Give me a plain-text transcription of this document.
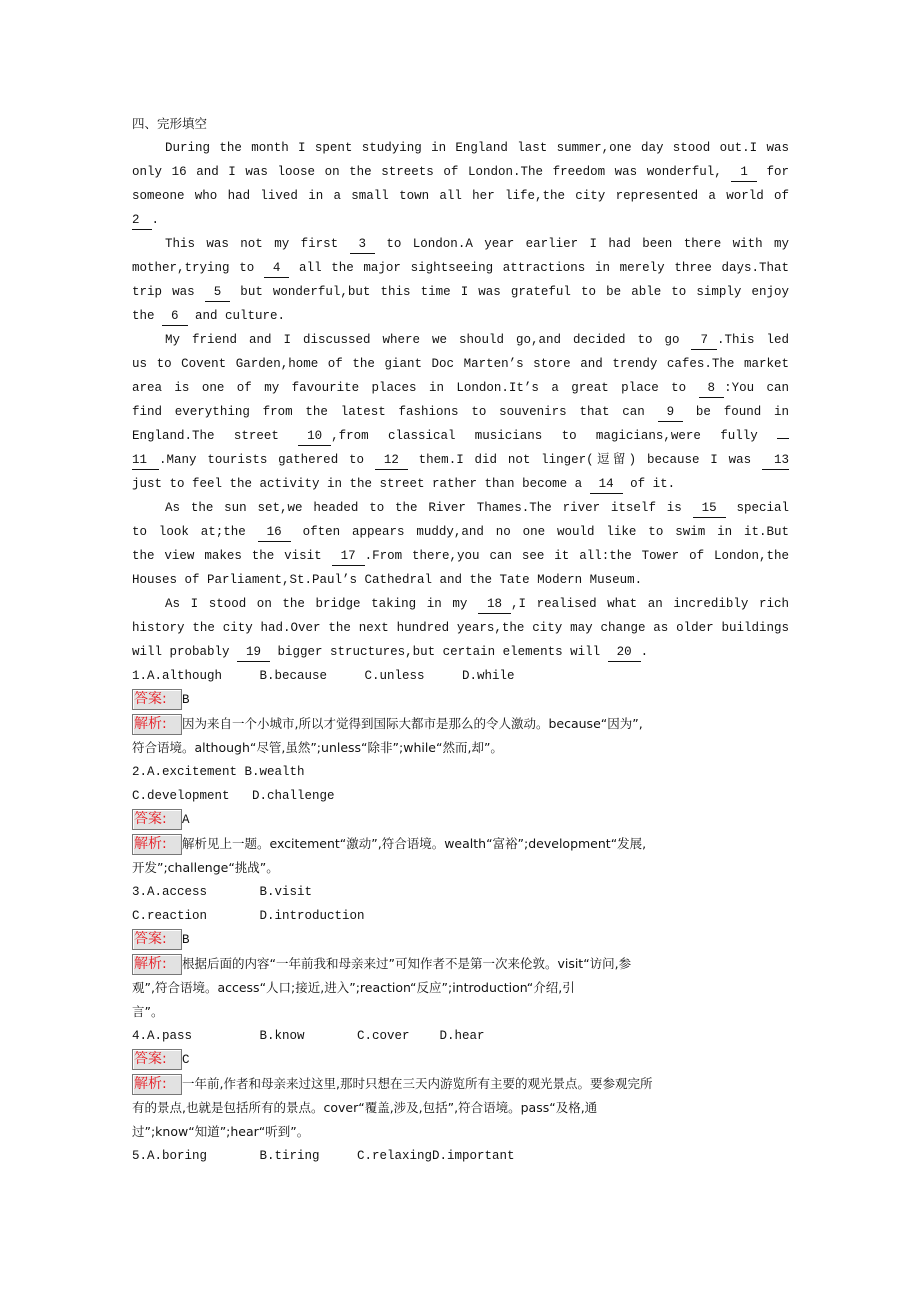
四、完形填空
During the month I spent studying in England last summer,one day stood out.I was
only 16 and I was loose on the streets of London.The freedom was wonderful, 1 for
someone who had lived in a small town all her life,the city represented a world of
2 .
This was not my first 3 to London.A year earlier I had been there with my
mother,trying to 4 all the major sightseeing attractions in merely three days.That
trip was 5 but wonderful,but this time I was grateful to be able to simply enjoy
the 6 and culture.
My friend and I discussed where we should go,and decided to go 7 .This led
us to Covent Garden,home of the giant Doc Marten’s store and trendy cafes.The market
area is one of my favourite places in London.It’s a great place to 8 :You can
find everything from the latest fashions to souvenirs that can 9 be found in
England.The street 10 ,from classical musicians to magicians,were fully
11 .Many tourists gathered to 12 them.I did not linger(逗留) because I was 13
just to feel the activity in the street rather than become a 14 of it.
As the sun set,we headed to the River Thames.The river itself is 15 special
to look at;the 16 often appears muddy,and no one would like to swim in it.But
the view makes the visit 17 .From there,you can see it all:the Tower of London,the
Houses of Parliament,St.Paul’s Cathedral and the Tate Modern Museum.
As I stood on the bridge taking in my 18 ,I realised what an incredibly rich
history the city had.Over the next hundred years,the city may change as older buildings
will probably 19 bigger structures,but certain elements will 20 .
1.A.although     B.because     C.unless     D.while
答案: B
解析: 因为来自一个小城市,所以才觉得到国际大都市是那么的令人激动。because“因为”,
符合语境。although“尽管,虽然”;unless“除非”;while“然而,却”。
2.A.excitement B.wealth
C.development   D.challenge
答案: A
解析: 解析见上一题。excitement“激动”,符合语境。wealth“富裕”;development“发展,
开发”;challenge“挑战”。
3.A.access       B.visit
C.reaction       D.introduction
答案: B
解析: 根据后面的内容“一年前我和母亲来过”可知作者不是第一次来伦敦。visit“访问,参
观”,符合语境。access“人口;接近,进入”;reaction“反应”;introduction“介绍,引
言”。
4.A.pass         B.know       C.cover    D.hear
答案: C
解析: 一年前,作者和母亲来过这里,那时只想在三天内游览所有主要的观光景点。要参观完所
有的景点,也就是包括所有的景点。cover“覆盖,涉及,包括”,符合语境。pass“及格,通
过”;know“知道”;hear“听到”。
5.A.boring       B.tiring     C.relaxingD.important
